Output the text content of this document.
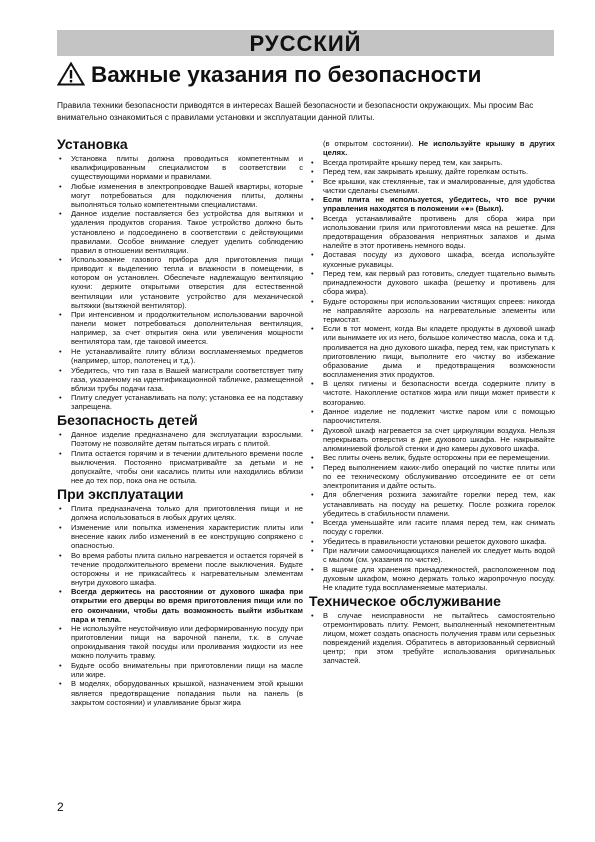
РУССКИЙ
Важные указания по безопасности
Правила техники безопасности приводятся в интересах Вашей безопасности и безопасности окружающих. Мы просим Вас внимательно ознакомиться с правилами установки и эксплуатации данной плиты.
Установка
• Установка плиты должна проводиться компетентным и квалифицированным специалистом в соответствии с существующими нормами и правилами.
• Любые изменения в электропроводке Вашей квартиры, которые могут потребоваться для подключения плиты, должны выполняться только компетентными специалистами.
• Данное изделие поставляется без устройства для вытяжки и удаления продуктов сгорания. Такое устройство должно быть установлено и подсоединено в соответствии с действующими правилами. Особое внимание следует уделить соблюдению правил в отношении вентиляции.
• Использование газового прибора для приготовления пищи приводит к выделению тепла и влажности в помещении, в котором он установлен. Обеспечьте надлежащую вентиляцию кухни: держите открытыми отверстия для естественной вентиляции или установите устройство для механической вытяжки (вытяжной вентилятор).
• При интенсивном и продолжительном использовании варочной панели может потребоваться дополнительная вентиляция, например, за счет открытия окна или увеличения мощности вентилятора там, где таковой имеется.
• Не устанавливайте плиту вблизи воспламеняемых предметов (например, штор, полотенец и т.д.).
• Убедитесь, что тип газа в Вашей магистрали соответствует типу газа, указанному на идентификационной табличке, размещенной вблизи трубы подачи газа.
• Плиту следует устанавливать на полу; установка ее на подставку запрещена.
Безопасность детей
• Данное изделие предназначено для эксплуатации взрослыми. Поэтому не позволяйте детям пытаться играть с плитой.
• Плита остается горячим и в течении длительного времени после выключения. Постоянно присматривайте за детьми и не допускайте, чтобы они касались плиты или находились вблизи нее до тех пор, пока она не остыла.
При эксплуатации
• Плита предназначена только для приготовления пищи и не должна использоваться в любых других целях.
• Изменение или попытка изменения характеристик плиты или внесение каких либо изменений в ее конструкцию сопряжено с опасностью.
• Во время работы плита сильно нагревается и остается горячей в течение продолжительного времени после выключения. Будьте осторожны и не прикасайтесь к нагревательным элементам внутри духового шкафа.
• Всегда держитесь на расстоянии от духового шкафа при открытии его дверцы во время приготовления пищи или по его окончании, чтобы дать возможность выйти избыткам пара и тепла.
• Не используйте неустойчивую или деформированную посуду при приготовлении пищи на варочной панели, т.к. в случае опрокидывания такой посуды или проливания жидкости из нее можно получить травму.
• Будьте особо внимательны при приготовлении пищи на масле или жире.
• В моделях, оборудованных крышкой, назначением этой крышки является предотвращение попадания пыли на панель (в закрытом состоянии) и улавливание брызг жира
(в открытом состоянии). Не используйте крышку в других целях.
• Всегда протирайте крышку перед тем, как закрыть.
• Перед тем, как закрывать крышку, дайте горелкам остыть.
• Все крышки, как стеклянные, так и эмалированные, для удобства чистки сделаны съемными.
• Если плита не используется, убедитесь, что все ручки управления находятся в положении «●» (Выкл).
• Всегда устанавливайте противень для сбора жира при использовании гриля или приготовлении мяса на решетке. Для предотвращения образования неприятных запахов и дыма налейте в этот противень немного воды.
• Доставая посуду из духового шкафа, всегда используйте кухонные рукавицы.
• Перед тем, как первый раз готовить, следует тщательно вымыть принадлежности духового шкафа (решетку и противень для сбора жира).
• Будьте осторожны при использовании чистящих спреев: никогда не направляйте аэрозоль на нагревательные элементы или термостат.
• Если в тот момент, когда Вы кладете продукты в духовой шкаф или вынимаете их из него, большое количество масла, сока и т.д. проливается на дно духового шкафа, перед тем, как приступать к приготовлению пищи, выполните его чистку во избежание образование дыма и предотвращения возможности воспламенения этих продуктов.
• В целях гигиены и безопасности всегда содержите плиту в чистоте. Накопление остатков жира или пищи может привести к возгоранию.
• Данное изделие не подлежит чистке паром или с помощью пароочистителя.
• Духовой шкаф нагревается за счет циркуляции воздуха. Нельзя перекрывать отверстия в дне духового шкафа. Не накрывайте алюминиевой фольгой стенки и дно камеры духового шкафа.
• Вес плиты очень велик, будьте осторожны при ее перемещении.
• Перед выполнением каких-либо операций по чистке плиты или по ее техническому обслуживанию отсоедините ее от сети электропитания и дайте остыть.
• Для облегчения розжига зажигайте горелки перед тем, как устанавливать на посуду на решетку. После розжига горелок убедитесь в стабильности пламени.
• Всегда уменьшайте или гасите пламя перед тем, как снимать посуду с горелки.
• Убедитесь в правильности установки решеток духового шкафа.
• При наличии самоочищающихся панелей их следует мыть водой с мылом (см. указания по чистке).
• В ящичке для хранения принадлежностей, расположенном под духовым шкафом, можно держать только жаропрочную посуду. Не кладите туда воспламеняемые материалы.
Техническое обслуживание
• В случае неисправности не пытайтесь самостоятельно отремонтировать плиту. Ремонт, выполненный некомпетентным лицом, может создать опасность получения травм или серьезных повреждений изделия. Обратитесь в авторизованный сервисный центр; при этом требуйте использования оригинальных запчастей.
2
